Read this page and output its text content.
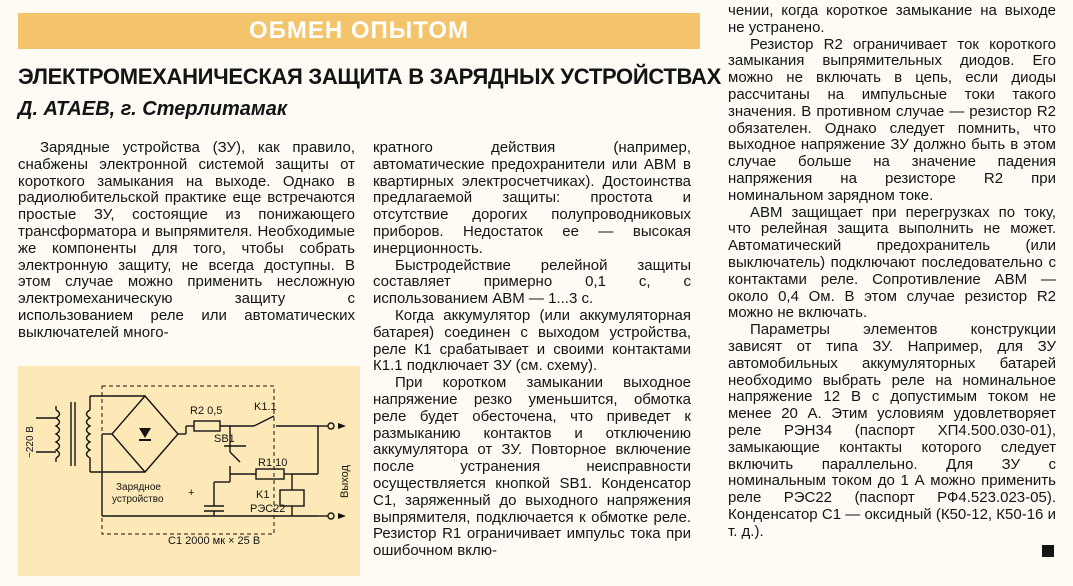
ОБМЕН ОПЫТОМ
ЭЛЕКТРОМЕХАНИЧЕСКАЯ ЗАЩИТА В ЗАРЯДНЫХ УСТРОЙСТВАХ
Д. АТАЕВ, г. Стерлитамак

Зарядные устройства (ЗУ), как правило, снабжены электронной системой защиты от короткого замыкания на выходе. Однако в радиолюбительской практике еще встречаются простые ЗУ, состоящие из понижающего трансформатора и выпрямителя. Необходимые же компоненты для того, чтобы собрать электронную защиту, не всегда доступны. В этом случае можно применить несложную электромеханическую защиту с использованием реле или автоматических выключателей много-

кратного действия (например, автоматические предохранители или АВМ в квартирных электросчетчиках). Достоинства предлагаемой защиты: простота и отсутствие дорогих полупроводниковых приборов. Недостаток ее — высокая инерционность.

Быстродействие релейной защиты составляет примерно 0,1 с, с использованием АВМ — 1...3 с.

Когда аккумулятор (или аккумуляторная батарея) соединен с выходом устройства, реле К1 срабатывает и своими контактами К1.1 подключает ЗУ (см. схему).

При коротком замыкании выходное напряжение резко уменьшится, обмотка реле будет обесточена, что приведет к размыканию контактов и отключению аккумулятора от ЗУ. Повторное включение после устранения неисправности осуществляется кнопкой SB1. Конденсатор С1, заряженный до выходного напряжения выпрямителя, подключается к обмотке реле. Резистор R1 ограничивает импульс тока при ошибочном вклю-

чении, когда короткое замыкание на выходе не устранено.

Резистор R2 ограничивает ток короткого замыкания выпрямительных диодов. Его можно не включать в цепь, если диоды рассчитаны на импульсные токи такого значения. В противном случае — резистор R2 обязателен. Однако следует помнить, что выходное напряжение ЗУ должно быть в этом случае больше на значение падения напряжения на резисторе R2 при номинальном зарядном токе.

АВМ защищает при перегрузках по току, что релейная защита выполнить не может. Автоматический предохранитель (или выключатель) подключают последовательно с контактами реле. Сопротивление АВМ — около 0,4 Ом. В этом случае резистор R2 можно не включать.

Параметры элементов конструкции зависят от типа ЗУ. Например, для ЗУ автомобильных аккумуляторных батарей необходимо выбрать реле на номинальное напряжение 12 В с допустимым током не менее 20 А. Этим условиям удовлетворяет реле РЭН34 (паспорт ХП4.500.030-01), замыкающие контакты которого следует включить параллельно. Для ЗУ с номинальным током до 1 А можно применить реле РЭС22 (паспорт РФ4.523.023-05). Конденсатор С1 — оксидный (К50-12, К50-16 и т. д.).

~220 В
R2 0,5	K1.1
SB1
R1 10
K1
РЭС22
Зарядное
устройство
+
С1 2000 мк × 25 В
Выход
